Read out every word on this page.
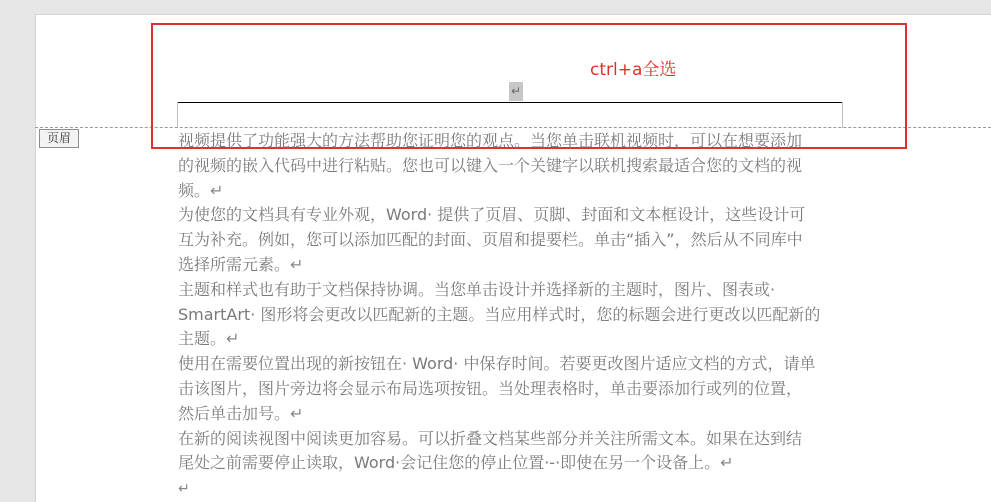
↵
页眉
ctrl+a全选
视频提供了功能强大的方法帮助您证明您的观点。当您单击联机视频时，可以在想要添加
的视频的嵌入代码中进行粘贴。您也可以键入一个关键字以联机搜索最适合您的文档的视
频。↵
为使您的文档具有专业外观，Word· 提供了页眉、页脚、封面和文本框设计，这些设计可
互为补充。例如，您可以添加匹配的封面、页眉和提要栏。单击“插入”，然后从不同库中
选择所需元素。↵
主题和样式也有助于文档保持协调。当您单击设计并选择新的主题时，图片、图表或·
SmartArt· 图形将会更改以匹配新的主题。当应用样式时，您的标题会进行更改以匹配新的
主题。↵
使用在需要位置出现的新按钮在· Word· 中保存时间。若要更改图片适应文档的方式，请单
击该图片，图片旁边将会显示布局选项按钮。当处理表格时，单击要添加行或列的位置，
然后单击加号。↵
在新的阅读视图中阅读更加容易。可以折叠文档某些部分并关注所需文本。如果在达到结
尾处之前需要停止读取，Word·会记住您的停止位置·-·即使在另一个设备上。↵
↵
